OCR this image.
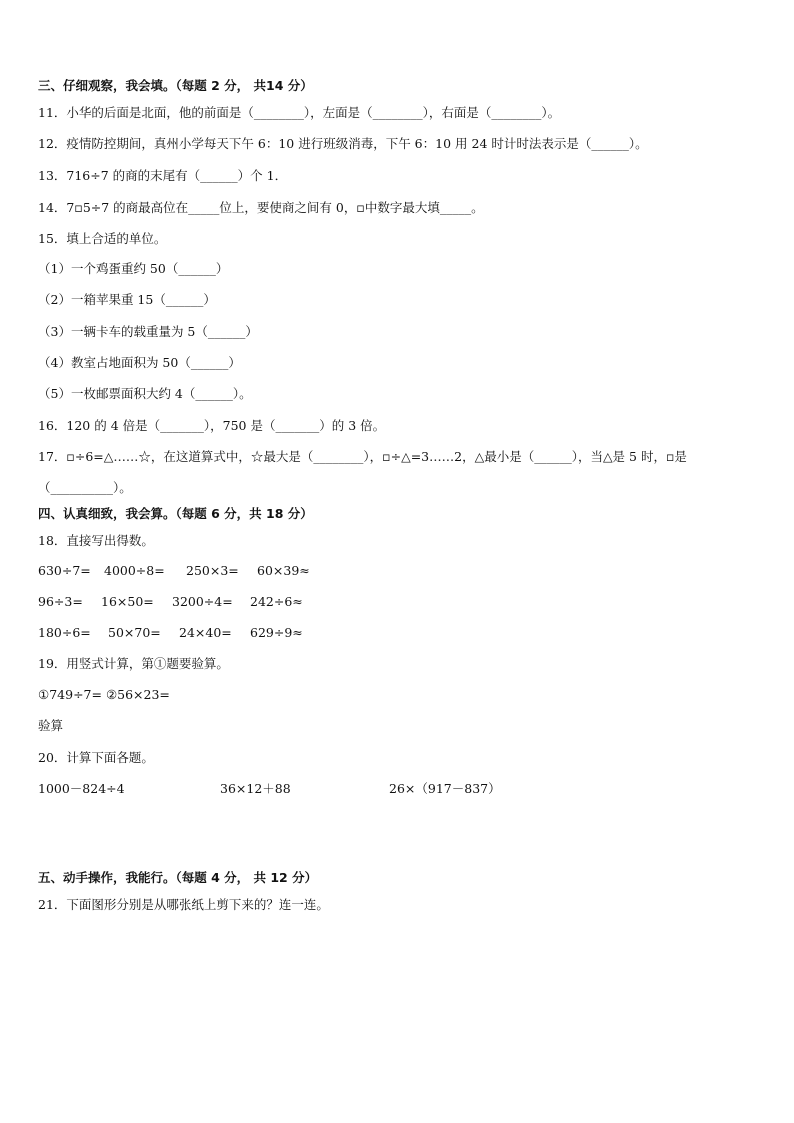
三、仔细观察，我会填。（每题 2 分， 共14 分）
11．小华的后面是北面，他的前面是（________），左面是（________），右面是（________）。
12．疫情防控期间，真州小学每天下午 6：10 进行班级消毒，下午 6：10 用 24 时计时法表示是（______）。
13．716÷7 的商的末尾有（______）个 1．
14．7▫5÷7 的商最高位在_____位上，要使商之间有 0，▫中数字最大填_____。
15．填上合适的单位。
（1）一个鸡蛋重约 50（______）
（2）一箱苹果重 15（______）
（3）一辆卡车的载重量为 5（______）
（4）教室占地面积为 50（______）
（5）一枚邮票面积大约 4（______）。
16．120 的 4 倍是（_______），750 是（_______）的 3 倍。
17．▫÷6=△……☆，在这道算式中，☆最大是（________），▫÷△=3……2，△最小是（______），当△是 5 时，▫是
（__________）。
四、认真细致，我会算。（每题 6 分，共 18 分）
18．直接写出得数。
630÷7= 4000÷8= 250×3= 60×39≈
96÷3= 16×50= 3200÷4= 242÷6≈
180÷6= 50×70= 24×40= 629÷9≈
19．用竖式计算，第①题要验算。
①749÷7= ②56×23=
验算
20．计算下面各题。
1000－824÷4	36×12＋88	26×（917－837）
五、动手操作，我能行。（每题 4 分， 共 12 分）
21．下面图形分别是从哪张纸上剪下来的？连一连。
